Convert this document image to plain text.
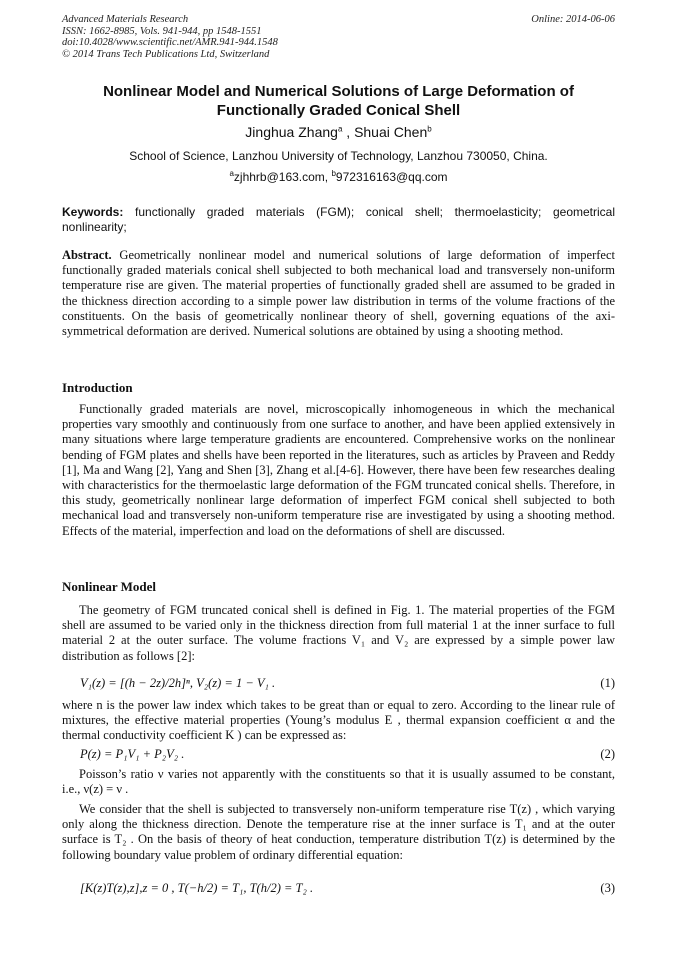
Advanced Materials Research
ISSN: 1662-8985, Vols. 941-944, pp 1548-1551
doi:10.4028/www.scientific.net/AMR.941-944.1548
© 2014 Trans Tech Publications Ltd, Switzerland
Online: 2014-06-06
Nonlinear Model and Numerical Solutions of Large Deformation of Functionally Graded Conical Shell
Jinghua Zhang$^a$ , Shuai Chen$^b$
School of Science, Lanzhou University of Technology, Lanzhou 730050, China.
$^a$zjhhrb@163.com, $^b$972316163@qq.com
Keywords: functionally graded materials (FGM); conical shell; thermoelasticity; geometrical nonlinearity;
Abstract. Geometrically nonlinear model and numerical solutions of large deformation of imperfect functionally graded materials conical shell subjected to both mechanical load and transversely non-uniform temperature rise are given. The material properties of functionally graded shell are assumed to be graded in the thickness direction according to a simple power law distribution in terms of the volume fractions of the constituents. On the basis of geometrically nonlinear theory of shell, governing equations of the axi-symmetrical deformation are derived. Numerical solutions are obtained by using a shooting method.
Introduction
Functionally graded materials are novel, microscopically inhomogeneous in which the mechanical properties vary smoothly and continuously from one surface to another, and have been applied extensively in many situations where large temperature gradients are encountered. Comprehensive works on the nonlinear bending of FGM plates and shells have been reported in the literatures, such as articles by Praveen and Reddy [1], Ma and Wang [2], Yang and Shen [3], Zhang et al.[4-6]. However, there have been few researches dealing with characteristics for the thermoelastic large deformation of the FGM truncated conical shells. Therefore, in this study, geometrically nonlinear large deformation of imperfect FGM conical shell subjected to both mechanical load and transversely non-uniform temperature rise are investigated by using a shooting method. Effects of the material, imperfection and load on the deformations of shell are discussed.
Nonlinear Model
The geometry of FGM truncated conical shell is defined in Fig. 1. The material properties of the FGM shell are assumed to be varied only in the thickness direction from full material 1 at the inner surface to full material 2 at the outer surface. The volume fractions V₁ and V₂ are expressed by a simple power law distribution as follows [2]:
V₁(z) = [(h − 2z)/2h]ⁿ, V₂(z) = 1 − V₁ .	(1)
where n is the power law index which takes to be great than or equal to zero. According to the linear rule of mixtures, the effective material properties (Young’s modulus E , thermal expansion coefficient α and the thermal conductivity coefficient K ) can be expressed as:
P(z) = P₁V₁ + P₂V₂ .	(2)
Poisson’s ratio ν varies not apparently with the constituents so that it is usually assumed to be constant, i.e., ν(z) = ν .
We consider that the shell is subjected to transversely non-uniform temperature rise T(z) , which varying only along the thickness direction. Denote the temperature rise at the inner surface is T₁ and at the outer surface is T₂ . On the basis of theory of heat conduction, temperature distribution T(z) is determined by the following boundary value problem of ordinary differential equation:
[K(z)T(z),z],z = 0 , T(−h/2) = T₁, T(h/2) = T₂ .	(3)
